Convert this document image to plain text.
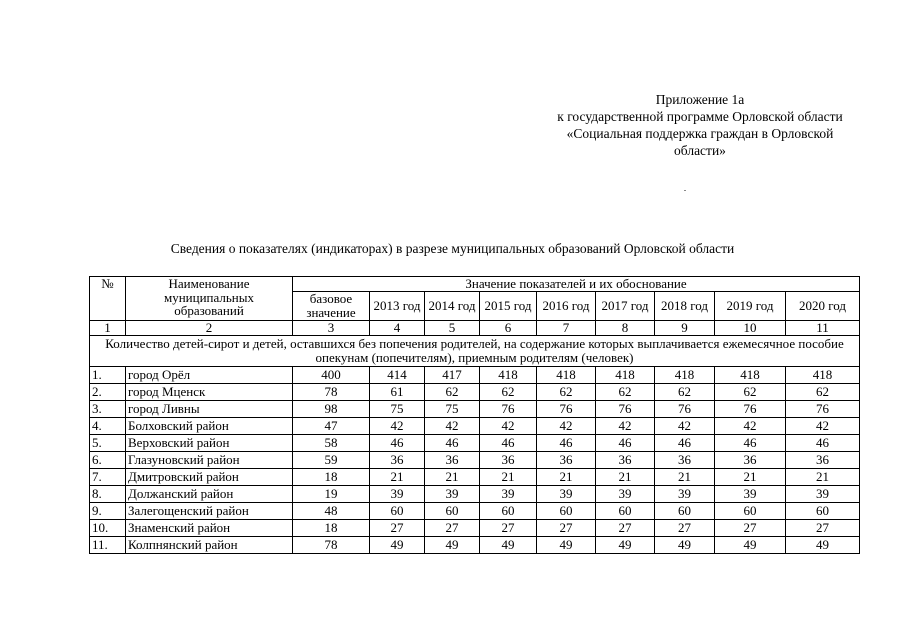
Приложение 1а
к государственной программе Орловской области
«Социальная поддержка граждан в Орловской
области»
Сведения о показателях (индикаторах) в разрезе муниципальных образований Орловской области
№	Наименование муниципальных образований	Значение показателей и их обоснование								
		базовое значение	2013 год	2014 год	2015 год	2016 год	2017 год	2018 год	2019 год	2020 год
1	2	3	4	5	6	7	8	9	10	11
Количество детей-сирот и детей, оставшихся без попечения родителей, на содержание которых выплачивается ежемесячное пособие опекунам (попечителям), приемным родителям (человек)										
1.	город Орёл	400	414	417	418	418	418	418	418	418
2.	город Мценск	78	61	62	62	62	62	62	62	62
3.	город Ливны	98	75	75	76	76	76	76	76	76
4.	Болховский район	47	42	42	42	42	42	42	42	42
5.	Верховский район	58	46	46	46	46	46	46	46	46
6.	Глазуновский район	59	36	36	36	36	36	36	36	36
7.	Дмитровский район	18	21	21	21	21	21	21	21	21
8.	Должанский район	19	39	39	39	39	39	39	39	39
9.	Залегощенский район	48	60	60	60	60	60	60	60	60
10.	Знаменский район	18	27	27	27	27	27	27	27	27
11.	Колпнянский район	78	49	49	49	49	49	49	49	49
